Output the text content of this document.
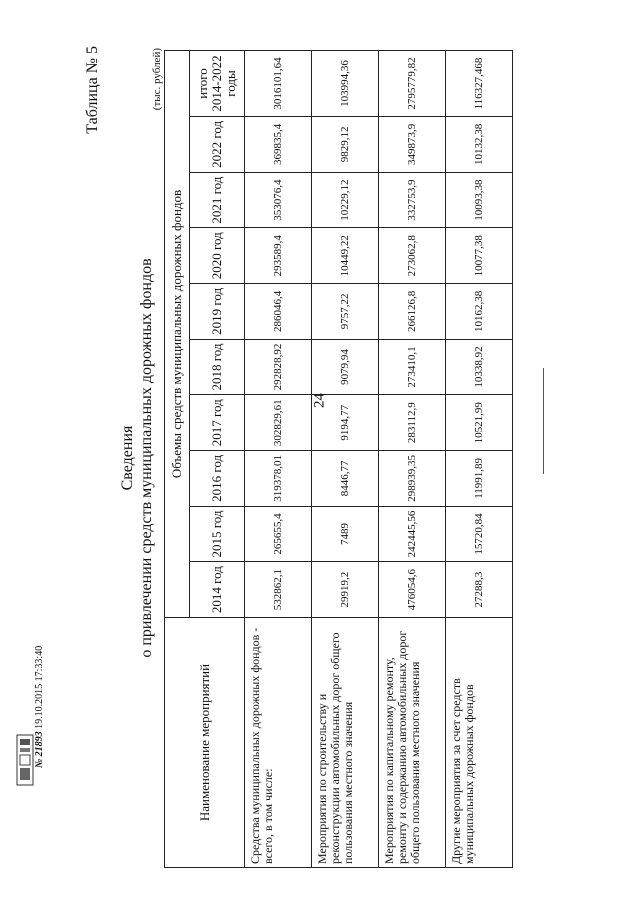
24
Таблица № 5
Сведения о привлечении средств муниципальных дорожных фондов
(тыс. рублей)
Наименование мероприятий	Объемы средств муниципальных дорожных фондов									
	2014 год	2015 год	2016 год	2017 год	2018 год	2019 год	2020 год	2021 год	2022 год	итого 2014-2022 годы
Средства муниципальных дорожных фондов - всего, в том числе:	532862,1	265655,4	319378,01	302829,61	292828,92	286046,4	293589,4	353076,4	369835,4	3016101,64
Мероприятия по строительству и реконструкции автомобильных дорог общего пользования местного значения	29919,2	7489	8446,77	9194,77	9079,94	9757,22	10449,22	10229,12	9829,12	103994,36
Мероприятия по капитальному ремонту, ремонту и содержанию автомобильных дорог общего пользования местного значения	476054,6	242445,56	298939,35	283112,9	273410,1	266126,8	273062,8	332753,9	349873,9	2795779,82
Другие мероприятия за счет средств муниципальных дорожных фондов	27288,3	15720,84	11991,89	10521,99	10338,92	10162,38	10077,38	10093,38	10132,38	116327,468
№ 21893 19.10.2015 17:33:40
